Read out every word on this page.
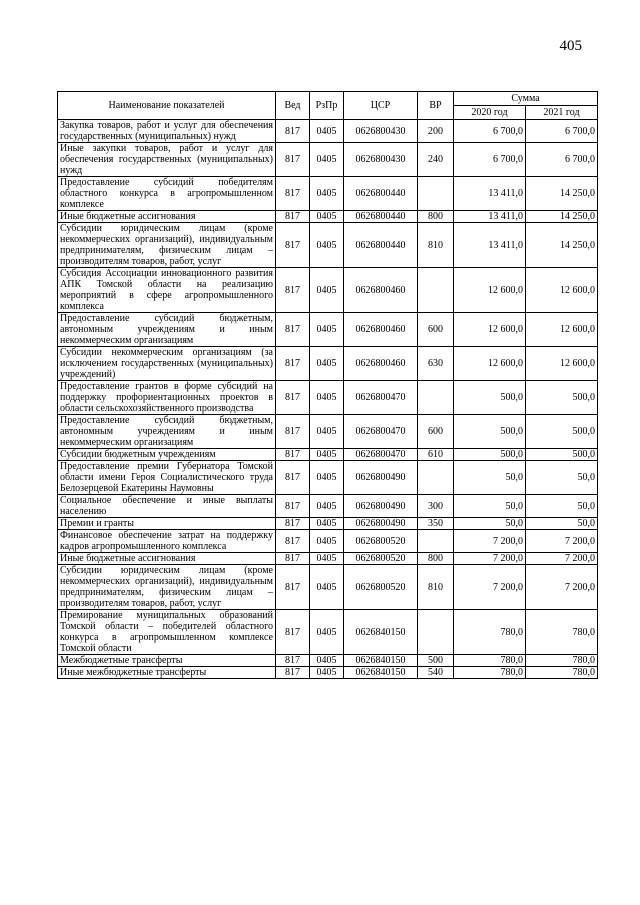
405
Наименование показателей	Вед	РзПр	ЦСР	ВР	Сумма	
					2020 год	2021 год
Закупка товаров, работ и услуг для обеспечения государственных (муниципальных) нужд	817	0405	0626800430	200	6 700,0	6 700,0
Иные закупки товаров, работ и услуг для обеспечения государственных (муниципальных) нужд	817	0405	0626800430	240	6 700,0	6 700,0
Предоставление субсидий победителям областного конкурса в агропромышленном комплексе	817	0405	0626800440		13 411,0	14 250,0
Иные бюджетные ассигнования	817	0405	0626800440	800	13 411,0	14 250,0
Субсидии юридическим лицам (кроме некоммерческих организаций), индивидуальным предпринимателям, физическим лицам – производителям товаров, работ, услуг	817	0405	0626800440	810	13 411,0	14 250,0
Субсидия Ассоциации инновационного развития АПК Томской области на реализацию мероприятий в сфере агропромышленного комплекса	817	0405	0626800460		12 600,0	12 600,0
Предоставление субсидий бюджетным, автономным учреждениям и иным некоммерческим организациям	817	0405	0626800460	600	12 600,0	12 600,0
Субсидии некоммерческим организациям (за исключением государственных (муниципальных) учреждений)	817	0405	0626800460	630	12 600,0	12 600,0
Предоставление грантов в форме субсидий на поддержку профориентационных проектов в области сельскохозяйственного производства	817	0405	0626800470		500,0	500,0
Предоставление субсидий бюджетным, автономным учреждениям и иным некоммерческим организациям	817	0405	0626800470	600	500,0	500,0
Субсидии бюджетным учреждениям	817	0405	0626800470	610	500,0	500,0
Предоставление премии Губернатора Томской области имени Героя Социалистического труда Белозерцевой Екатерины Наумовны	817	0405	0626800490		50,0	50,0
Социальное обеспечение и иные выплаты населению	817	0405	0626800490	300	50,0	50,0
Премии и гранты	817	0405	0626800490	350	50,0	50,0
Финансовое обеспечение затрат на поддержку кадров агропромышленного комплекса	817	0405	0626800520		7 200,0	7 200,0
Иные бюджетные ассигнования	817	0405	0626800520	800	7 200,0	7 200,0
Субсидии юридическим лицам (кроме некоммерческих организаций), индивидуальным предпринимателям, физическим лицам – производителям товаров, работ, услуг	817	0405	0626800520	810	7 200,0	7 200,0
Премирование муниципальных образований Томской области – победителей областного конкурса в агропромышленном комплексе Томской области	817	0405	0626840150		780,0	780,0
Межбюджетные трансферты	817	0405	0626840150	500	780,0	780,0
Иные межбюджетные трансферты	817	0405	0626840150	540	780,0	780,0
